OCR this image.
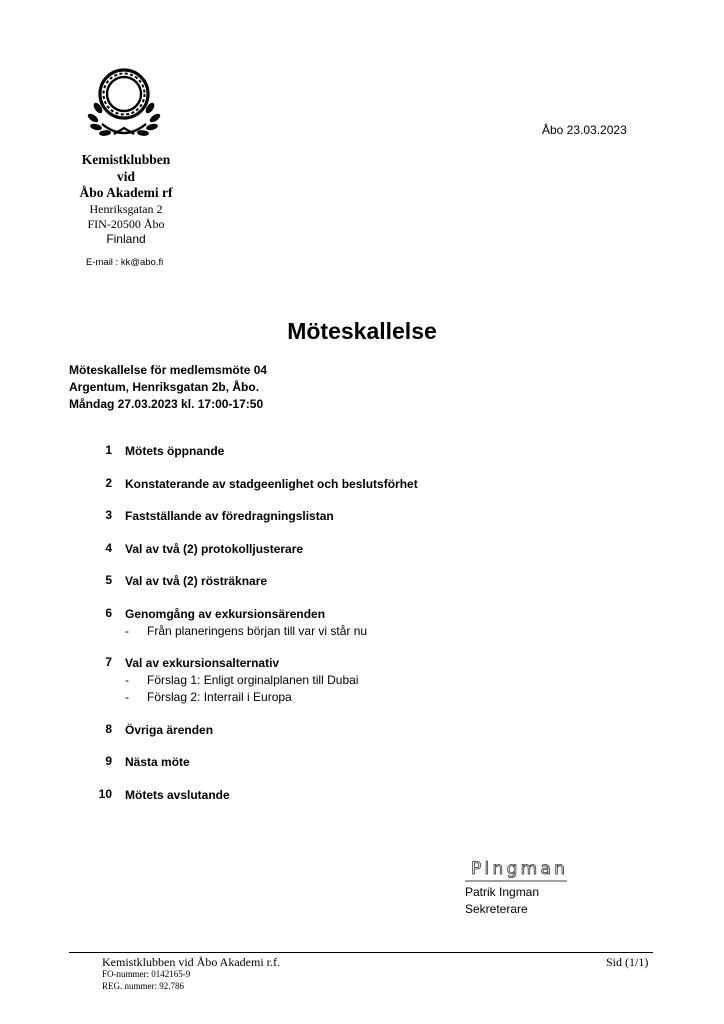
Kemistklubben
vid
Åbo Akademi rf
Henriksgatan 2
FIN-20500 Åbo
Finland
E-mail : kk@abo.fi
Åbo 23.03.2023
Möteskallelse
Möteskallelse för medlemsmöte 04
Argentum, Henriksgatan 2b, Åbo.
Måndag 27.03.2023 kl. 17:00-17:50
1 Mötets öppnande
2 Konstaterande av stadgeenlighet och beslutsförhet
3 Fastställande av föredragningslistan
4 Val av två (2) protokolljusterare
5 Val av två (2) rösträknare
6 Genomgång av exkursionsärenden
-	Från planeringens början till var vi står nu
7 Val av exkursionsalternativ
-	Förslag 1: Enligt orginalplanen till Dubai
-	Förslag 2: Interrail i Europa
8 Övriga ärenden
9 Nästa möte
10 Mötets avslutande
Plngman
Patrik Ingman
Sekreterare
Kemistklubben vid Åbo Akademi r.f.
FO-nummer: 0142165-9
REG. nummer: 92.786
Sid (1/1)
